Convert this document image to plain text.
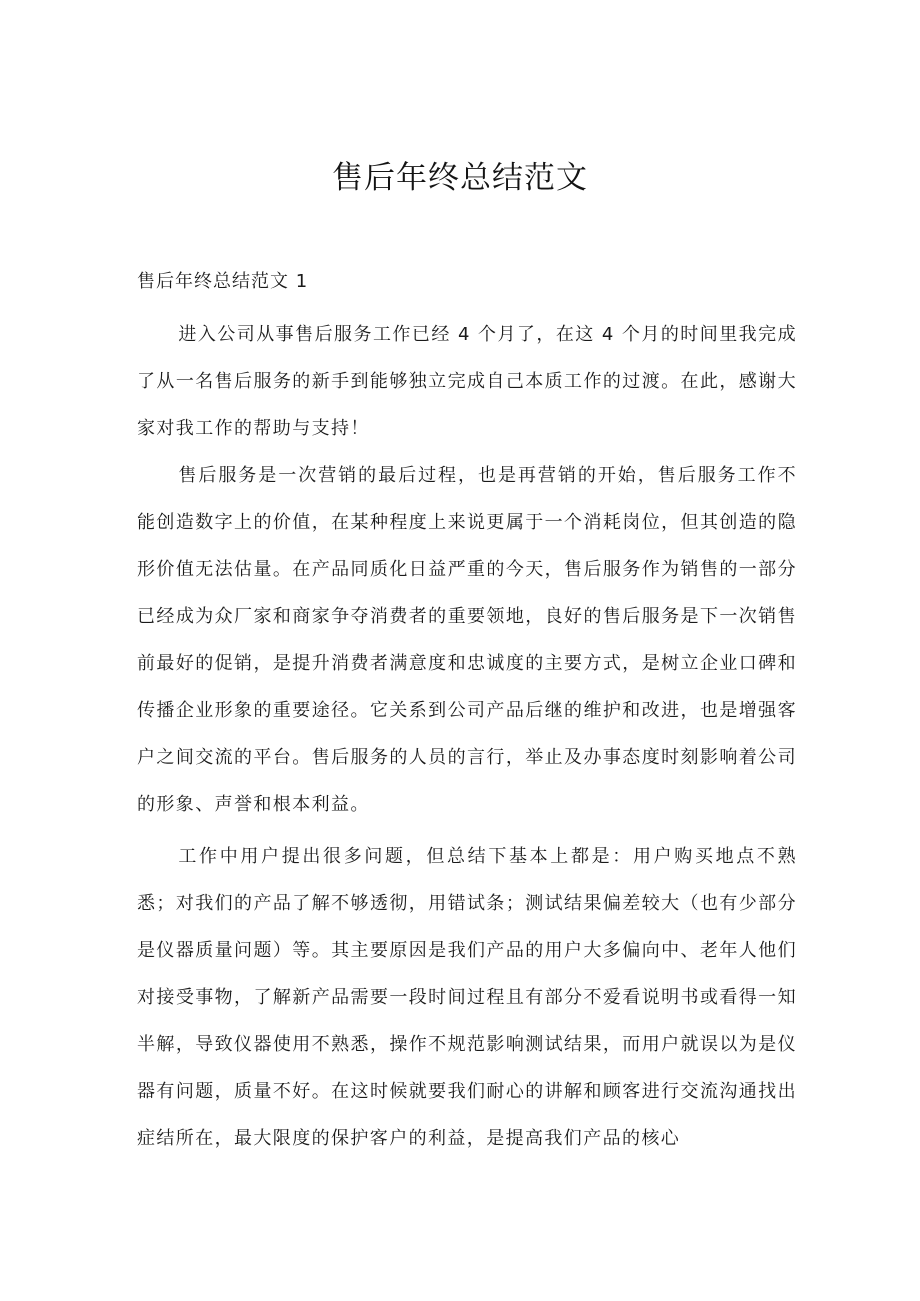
售后年终总结范文

售后年终总结范文 1

进入公司从事售后服务工作已经 4 个月了，在这 4 个月的时间里我完成了从一名售后服务的新手到能够独立完成自己本质工作的过渡。在此，感谢大家对我工作的帮助与支持！

售后服务是一次营销的最后过程，也是再营销的开始，售后服务工作不能创造数字上的价值，在某种程度上来说更属于一个消耗岗位，但其创造的隐形价值无法估量。在产品同质化日益严重的今天，售后服务作为销售的一部分已经成为众厂家和商家争夺消费者的重要领地，良好的售后服务是下一次销售前最好的促销，是提升消费者满意度和忠诚度的主要方式，是树立企业口碑和传播企业形象的重要途径。它关系到公司产品后继的维护和改进，也是增强客户之间交流的平台。售后服务的人员的言行，举止及办事态度时刻影响着公司的形象、声誉和根本利益。

工作中用户提出很多问题，但总结下基本上都是：用户购买地点不熟悉；对我们的产品了解不够透彻，用错试条；测试结果偏差较大（也有少部分是仪器质量问题）等。其主要原因是我们产品的用户大多偏向中、老年人他们对接受事物，了解新产品需要一段时间过程且有部分不爱看说明书或看得一知半解，导致仪器使用不熟悉，操作不规范影响测试结果，而用户就误以为是仪器有问题，质量不好。在这时候就要我们耐心的讲解和顾客进行交流沟通找出症结所在，最大限度的保护客户的利益，是提高我们产品的核心
